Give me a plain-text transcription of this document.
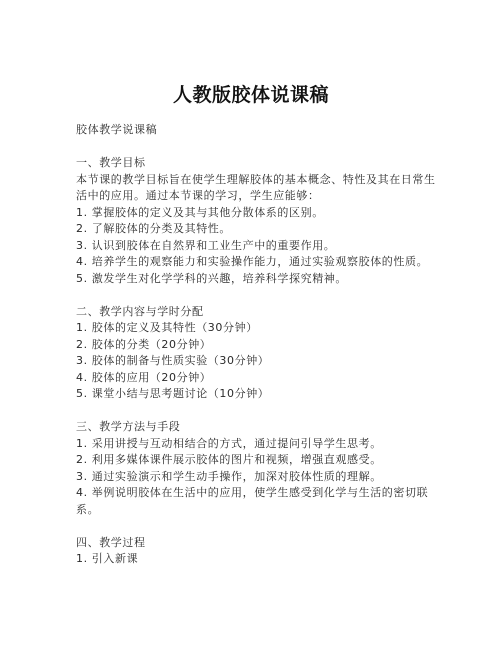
人教版胶体说课稿
胶体教学说课稿
一、教学目标
本节课的教学目标旨在使学生理解胶体的基本概念、特性及其在日常生活中的应用。通过本节课的学习，学生应能够：
1. 掌握胶体的定义及其与其他分散体系的区别。
2. 了解胶体的分类及其特性。
3. 认识到胶体在自然界和工业生产中的重要作用。
4. 培养学生的观察能力和实验操作能力，通过实验观察胶体的性质。
5. 激发学生对化学学科的兴趣，培养科学探究精神。
二、教学内容与学时分配
1. 胶体的定义及其特性（30分钟）
2. 胶体的分类（20分钟）
3. 胶体的制备与性质实验（30分钟）
4. 胶体的应用（20分钟）
5. 课堂小结与思考题讨论（10分钟）
三、教学方法与手段
1. 采用讲授与互动相结合的方式，通过提问引导学生思考。
2. 利用多媒体课件展示胶体的图片和视频，增强直观感受。
3. 通过实验演示和学生动手操作，加深对胶体性质的理解。
4. 举例说明胶体在生活中的应用，使学生感受到化学与生活的密切联系。
四、教学过程
1. 引入新课
